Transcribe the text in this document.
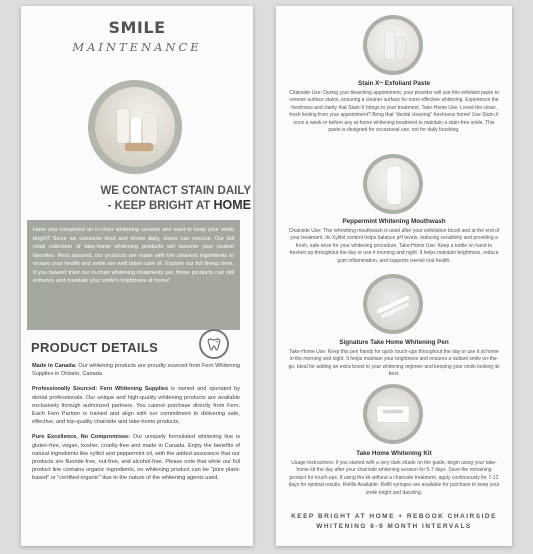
SMILE
MAINTENANCE
WE CONTACT STAIN DAILY
- KEEP BRIGHT AT HOME
Have you completed an in-chair whitening session and want to keep your smile bright? Since we consume food and drinks daily, stains can reoccur. Our full retail collection of take-home whitening products will become your routine favorites. Rest assured, our products are made with the cleanest ingredients to ensure your health and smile are well taken care of. Explore our full lineup here. If you haven't tried our in-chair whitening treatments yet, these products can still enhance and maintain your smile's brightness at home!
PRODUCT DETAILS

Made in Canada: Our whitening products are proudly sourced from Fern Whitening Supplies in Ontario, Canada

Professionally Sourced: Fern Whitening Supplies is owned and operated by dental professionals. Our unique and high-quality whitening products are available exclusively through authorized partners. You cannot purchase directly from Fern. Each Fern Partner is trained and align with our commitment to delivering safe, effective, and top-quality chairside and take-home products.

Pure Excellence, No Compromises: Our uniquely formulated whitening line is gluten-free, vegan, kosher, cruelty-free and made in Canada. Enjoy the benefits of natural ingredients like xylitol and peppermint oil, with the added assurance that our products are fluoride-free, nut-free, and alcohol-free. Please note that while our full product line contains organic ingredients, no whitening product can be "pure plant-based" or "certified organic" due to the nature of the whitening agents used.

Stain X~ Exfoliant Paste
Chairside Use: During your bleaching appointment, your provider will use this exfoliant paste to remove surface stains, ensuring a cleaner surface for more effective whitening. Experience the freshness and clarity that Stain-X brings to your treatment. Take-Home Use: Loved the clean, fresh feeling from your appointment? Bring that "dental cleaning" freshness home! Use Stain-X once a week or before any at-home whitening treatment to maintain a stain-free smile. This paste is designed for occasional use, not for daily brushing.
Peppermint Whitening Mouthwash
Chairside Use: This refreshing mouthwash is used after your exfoliation brush and at the end of your treatment. Its Xylitol content helps balance pH levels, reducing sensitivity and providing a fresh, safe rinse for your whitening procedure. Take-Home Use: Keep a bottle on hand to freshen up throughout the day or use it morning and night. It helps maintain brightness, reduce gum inflammation, and supports overall oral health.
Signature Take Home Whitening Pen
Take-Home Use: Keep this pen handy for quick touch-ups throughout the day or use it at home in the morning and night. It helps maintain your brightness and ensures a radiant smile on-the-go. Ideal for adding an extra boost to your whitening regimen and keeping your smile looking its best.
Take Home Whitening Kit
Usage Instructions: If you started with a very dark shade on the guide, begin using your take-home kit the day after your chairside whitening session for 5-7 days. Save the remaining product for touch-ups. If using the kit without a chairside treatment, apply continuously for 7-12 days for optimal results. Refills Available: Refill syringes are available for purchase to keep your smile bright and dazzling.
KEEP BRIGHT AT HOME + REBOOK CHAIRSIDE
WHITENING 6-9 MONTH INTERVALS
